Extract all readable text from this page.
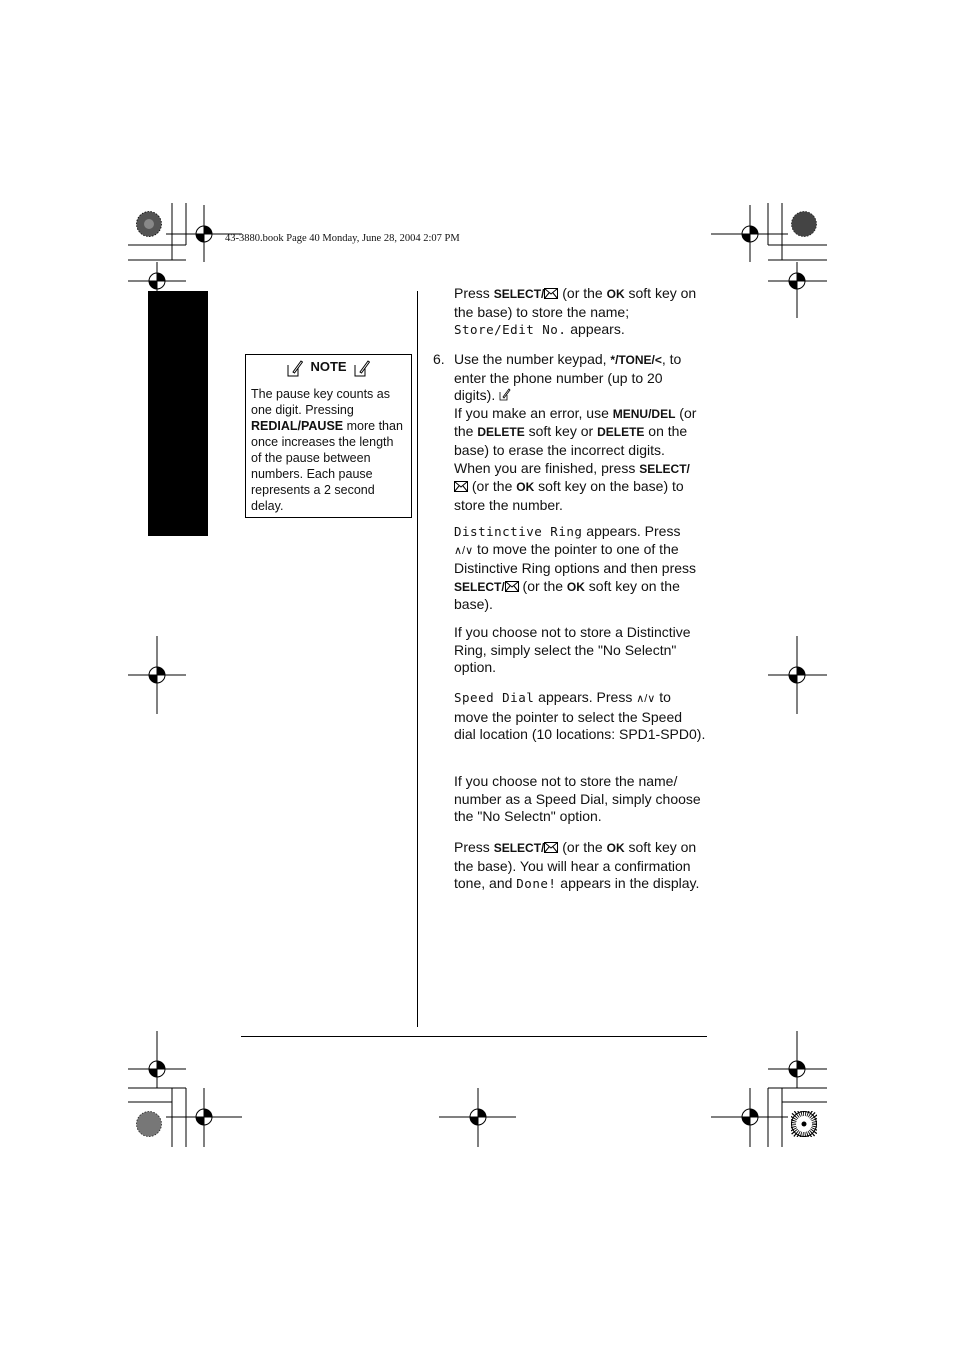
43-3880.book Page 40 Monday, June 28, 2004 2:07 PM
NOTE
The pause key counts as one digit. Pressing REDIAL/PAUSE more than once increases the length of the pause between numbers. Each pause represents a 2 second delay.
Press SELECT/
(or the OK soft key on the base) to store the name; Store/Edit No. appears.
6. Use the number keypad, */TONE/<, to enter the phone number (up to 20 digits).

If you make an error, use MENU/DEL (or the DELETE soft key or DELETE on the base) to erase the incorrect digits.
When you are finished, press SELECT/

(or the OK soft key on the base) to store the number.
Distinctive Ring appears. Press
∧/∨ to move the pointer to one of the Distinctive Ring options and then press SELECT/
(or the OK soft key on the base).
If you choose not to store a Distinctive Ring, simply select the "No Selectn" option.
Speed Dial appears. Press ∧/∨ to move the pointer to select the Speed dial location (10 locations: SPD1-SPD0).
If you choose not to store the name/ number as a Speed Dial, simply choose the "No Selectn" option.
Press SELECT/
(or the OK soft key on the base). You will hear a confirmation tone, and Done! appears in the display.
